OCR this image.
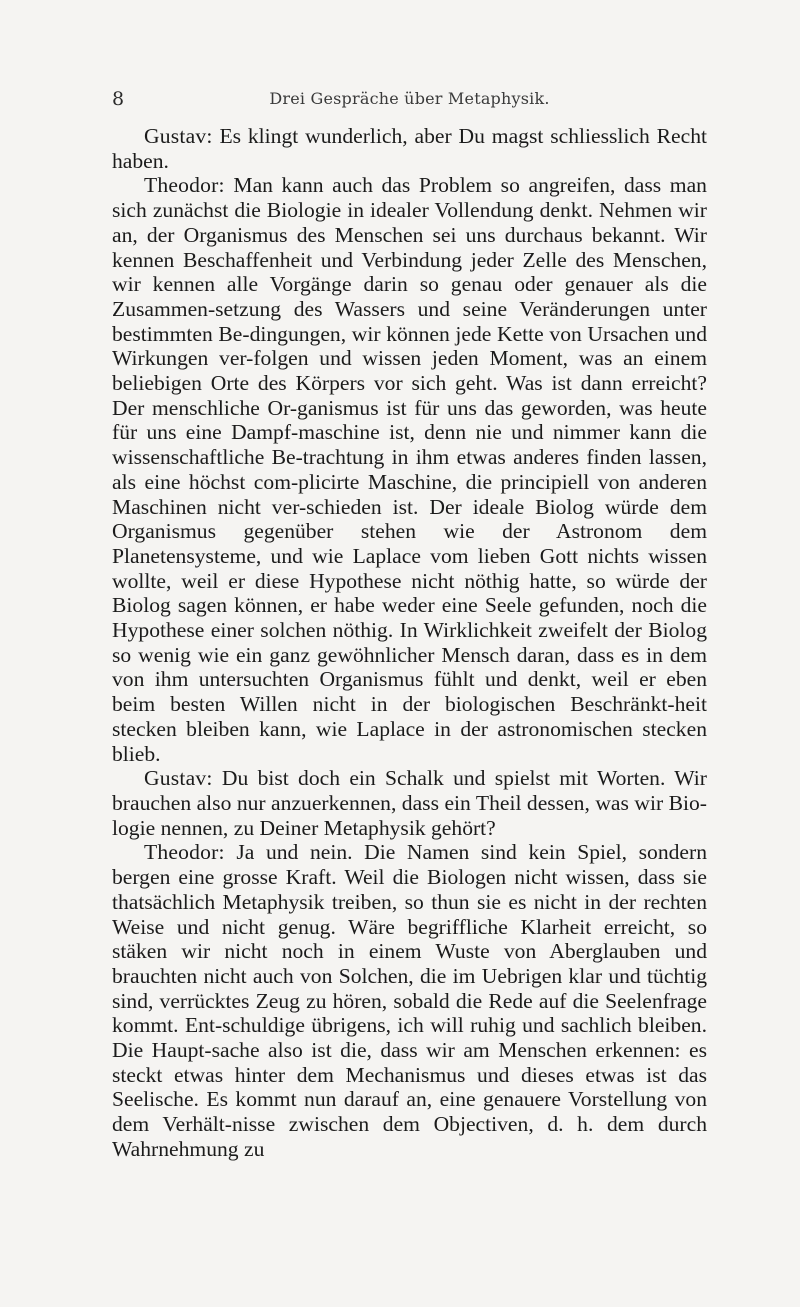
8	Drei Gespräche über Metaphysik.

Gustav: Es klingt wunderlich, aber Du magst schliesslich Recht haben.

Theodor: Man kann auch das Problem so angreifen, dass man sich zunächst die Biologie in idealer Vollendung denkt. Nehmen wir an, der Organismus des Menschen sei uns durchaus bekannt. Wir kennen Beschaffenheit und Verbindung jeder Zelle des Menschen, wir kennen alle Vorgänge darin so genau oder genauer als die Zusammen-setzung des Wassers und seine Veränderungen unter bestimmten Be-dingungen, wir können jede Kette von Ursachen und Wirkungen ver-folgen und wissen jeden Moment, was an einem beliebigen Orte des Körpers vor sich geht. Was ist dann erreicht? Der menschliche Or-ganismus ist für uns das geworden, was heute für uns eine Dampf-maschine ist, denn nie und nimmer kann die wissenschaftliche Be-trachtung in ihm etwas anderes finden lassen, als eine höchst com-plicirte Maschine, die principiell von anderen Maschinen nicht ver-schieden ist. Der ideale Biolog würde dem Organismus gegenüber stehen wie der Astronom dem Planetensysteme, und wie Laplace vom lieben Gott nichts wissen wollte, weil er diese Hypothese nicht nöthig hatte, so würde der Biolog sagen können, er habe weder eine Seele gefunden, noch die Hypothese einer solchen nöthig. In Wirklichkeit zweifelt der Biolog so wenig wie ein ganz gewöhnlicher Mensch daran, dass es in dem von ihm untersuchten Organismus fühlt und denkt, weil er eben beim besten Willen nicht in der biologischen Beschränkt-heit stecken bleiben kann, wie Laplace in der astronomischen stecken blieb.

Gustav: Du bist doch ein Schalk und spielst mit Worten. Wir brauchen also nur anzuerkennen, dass ein Theil dessen, was wir Bio-logie nennen, zu Deiner Metaphysik gehört?

Theodor: Ja und nein. Die Namen sind kein Spiel, sondern bergen eine grosse Kraft. Weil die Biologen nicht wissen, dass sie thatsächlich Metaphysik treiben, so thun sie es nicht in der rechten Weise und nicht genug. Wäre begriffliche Klarheit erreicht, so stäken wir nicht noch in einem Wuste von Aberglauben und brauchten nicht auch von Solchen, die im Uebrigen klar und tüchtig sind, verrücktes Zeug zu hören, sobald die Rede auf die Seelenfrage kommt. Ent-schuldige übrigens, ich will ruhig und sachlich bleiben. Die Haupt-sache also ist die, dass wir am Menschen erkennen: es steckt etwas hinter dem Mechanismus und dieses etwas ist das Seelische. Es kommt nun darauf an, eine genauere Vorstellung von dem Verhält-nisse zwischen dem Objectiven, d. h. dem durch Wahrnehmung zu
